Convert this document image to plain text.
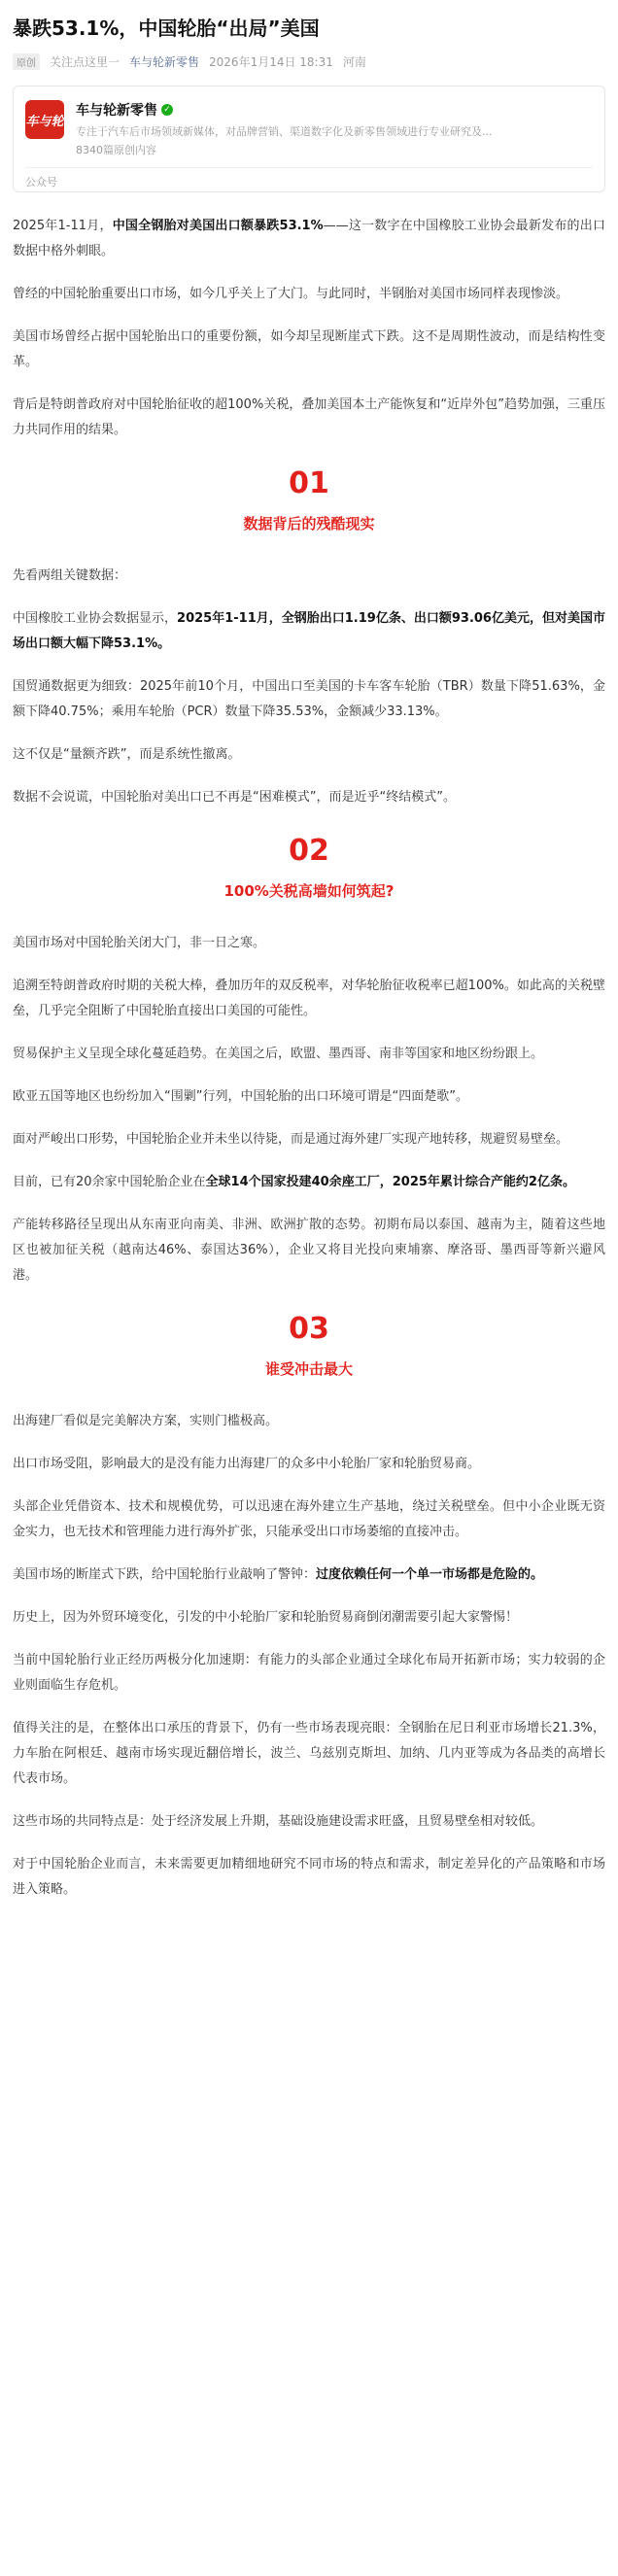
暴跌53.1%，中国轮胎“出局”美国
原创	关注点这里一 车与轮新零售 2026年1月14日 18:31 河南
车与轮
车与轮新零售 ✓
专注于汽车后市场领域新媒体，对品牌营销、渠道数字化及新零售领域进行专业研究及...
8340篇原创内容
公众号

2025年1-11月，中国全钢胎对美国出口额暴跌53.1%——这一数字在中国橡胶工业协会最新发布的出口数据中格外刺眼。

曾经的中国轮胎重要出口市场，如今几乎关上了大门。与此同时，半钢胎对美国市场同样表现惨淡。

美国市场曾经占据中国轮胎出口的重要份额，如今却呈现断崖式下跌。这不是周期性波动，而是结构性变革。

背后是特朗普政府对中国轮胎征收的超100%关税，叠加美国本土产能恢复和“近岸外包”趋势加强，三重压力共同作用的结果。

01
数据背后的残酷现实

先看两组关键数据：

中国橡胶工业协会数据显示，2025年1-11月，全钢胎出口1.19亿条、出口额93.06亿美元，但对美国市场出口额大幅下降53.1%。

国贸通数据更为细致：2025年前10个月，中国出口至美国的卡车客车轮胎（TBR）数量下降51.63%，金额下降40.75%；乘用车轮胎（PCR）数量下降35.53%，金额减少33.13%。

这不仅是“量额齐跌”，而是系统性撤离。

数据不会说谎，中国轮胎对美出口已不再是“困难模式”，而是近乎“终结模式”。

02
100%关税高墙如何筑起?

美国市场对中国轮胎关闭大门，非一日之寒。

追溯至特朗普政府时期的关税大棒，叠加历年的双反税率，对华轮胎征收税率已超100%。如此高的关税壁垒，几乎完全阻断了中国轮胎直接出口美国的可能性。

贸易保护主义呈现全球化蔓延趋势。在美国之后，欧盟、墨西哥、南非等国家和地区纷纷跟上。

欧亚五国等地区也纷纷加入“围剿”行列，中国轮胎的出口环境可谓是“四面楚歌”。

面对严峻出口形势，中国轮胎企业并未坐以待毙，而是通过海外建厂实现产地转移，规避贸易壁垒。

目前，已有20余家中国轮胎企业在全球14个国家投建40余座工厂，2025年累计综合产能约2亿条。

产能转移路径呈现出从东南亚向南美、非洲、欧洲扩散的态势。初期布局以泰国、越南为主，随着这些地区也被加征关税（越南达46%、泰国达36%），企业又将目光投向柬埔寨、摩洛哥、墨西哥等新兴避风港。

03
谁受冲击最大

出海建厂看似是完美解决方案，实则门槛极高。

出口市场受阻，影响最大的是没有能力出海建厂的众多中小轮胎厂家和轮胎贸易商。

头部企业凭借资本、技术和规模优势，可以迅速在海外建立生产基地，绕过关税壁垒。但中小企业既无资金实力，也无技术和管理能力进行海外扩张，只能承受出口市场萎缩的直接冲击。

美国市场的断崖式下跌，给中国轮胎行业敲响了警钟：过度依赖任何一个单一市场都是危险的。

历史上，因为外贸环境变化，引发的中小轮胎厂家和轮胎贸易商倒闭潮需要引起大家警惕！

当前中国轮胎行业正经历两极分化加速期：有能力的头部企业通过全球化布局开拓新市场；实力较弱的企业则面临生存危机。

值得关注的是，在整体出口承压的背景下，仍有一些市场表现亮眼：全钢胎在尼日利亚市场增长21.3%，力车胎在阿根廷、越南市场实现近翻倍增长，波兰、乌兹别克斯坦、加纳、几内亚等成为各品类的高增长代表市场。

这些市场的共同特点是：处于经济发展上升期，基础设施建设需求旺盛，且贸易壁垒相对较低。

对于中国轮胎企业而言，未来需要更加精细地研究不同市场的特点和需求，制定差异化的产品策略和市场进入策略。
